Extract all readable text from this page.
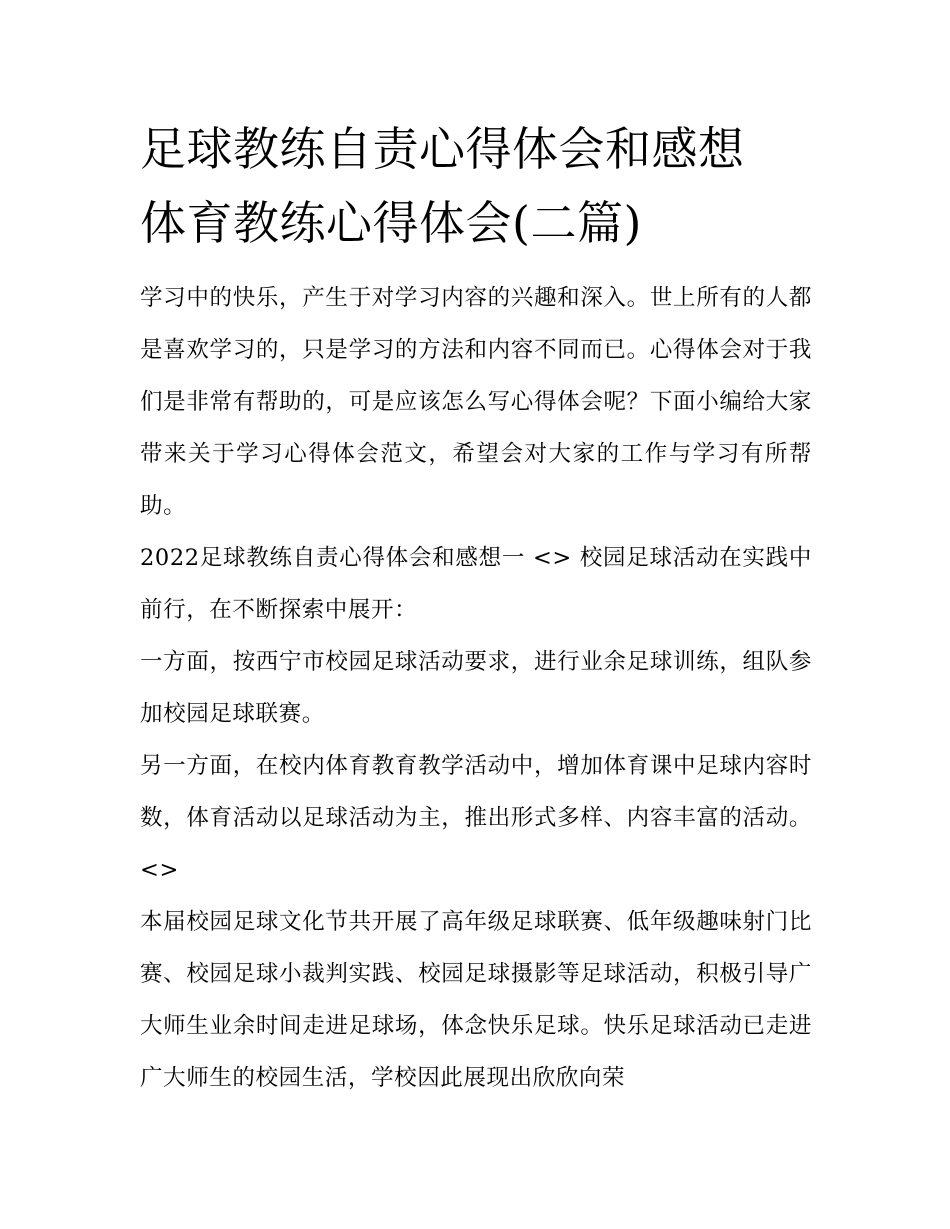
足球教练自责心得体会和感想
体育教练心得体会(二篇)

学习中的快乐，产生于对学习内容的兴趣和深入。世上所有的人都是喜欢学习的，只是学习的方法和内容不同而已。心得体会对于我们是非常有帮助的，可是应该怎么写心得体会呢？下面小编给大家带来关于学习心得体会范文，希望会对大家的工作与学习有所帮助。

2022足球教练自责心得体会和感想一 <> 校园足球活动在实践中前行，在不断探索中展开：

一方面，按西宁市校园足球活动要求，进行业余足球训练，组队参加校园足球联赛。

另一方面，在校内体育教育教学活动中，增加体育课中足球内容时数，体育活动以足球活动为主，推出形式多样、内容丰富的活动。 <>

本届校园足球文化节共开展了高年级足球联赛、低年级趣味射门比赛、校园足球小裁判实践、校园足球摄影等足球活动，积极引导广大师生业余时间走进足球场，体念快乐足球。快乐足球活动已走进广大师生的校园生活，学校因此展现出欣欣向荣
